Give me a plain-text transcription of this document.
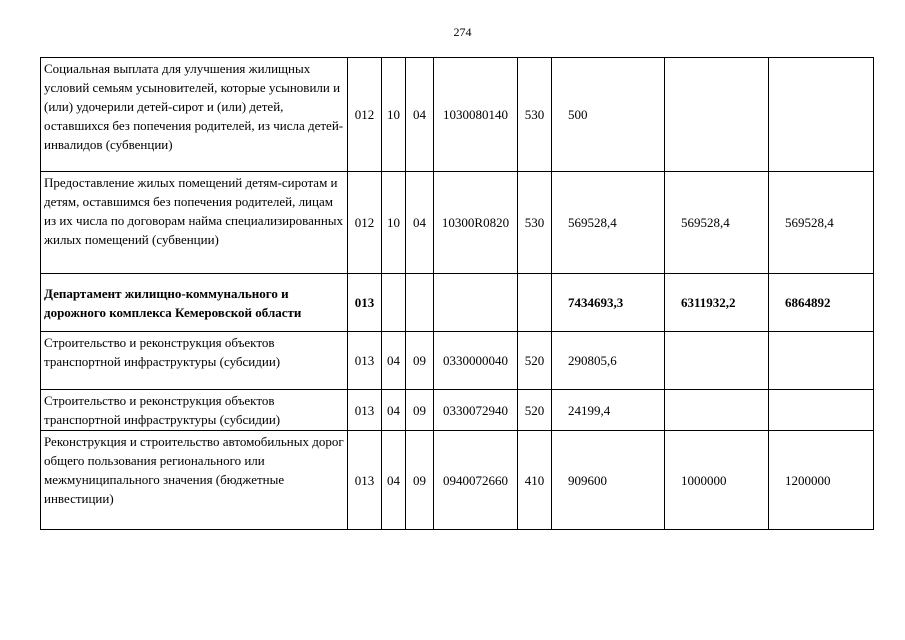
274
Социальная выплата для улучшения жилищных условий семьям усыновителей, которые усыновили и (или) удочерили детей-сирот и (или) детей, оставшихся без попечения родителей, из числа детей-инвалидов (субвенции)	012	10	04	1030080140	530	500		
Предоставление жилых помещений детям-сиротам и детям, оставшимся без попечения родителей, лицам из их числа по договорам найма специализированных жилых помещений (субвенции)	012	10	04	10300R0820	530	569528,4	569528,4	569528,4
Департамент жилищно-коммунального и дорожного комплекса Кемеровской области	013					7434693,3	6311932,2	6864892
Строительство и реконструкция объектов транспортной инфраструктуры (субсидии)	013	04	09	0330000040	520	290805,6		
Строительство и реконструкция объектов транспортной инфраструктуры (субсидии)	013	04	09	0330072940	520	24199,4		
Реконструкция и строительство автомобильных дорог общего пользования регионального или межмуниципального значения (бюджетные инвестиции)	013	04	09	0940072660	410	909600	1000000	1200000
